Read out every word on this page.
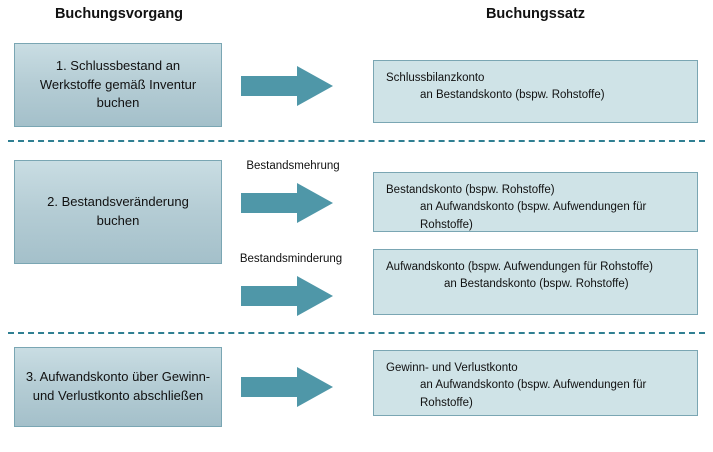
Buchungsvorgang	Buchungssatz
1. Schlussbestand an Werkstoffe gemäß Inventur buchen
Schlussbilanzkonto
an Bestandskonto (bspw. Rohstoffe)
2. Bestandsveränderung buchen
Bestandsmehrung
Bestandskonto (bspw. Rohstoffe)
an Aufwandskonto (bspw. Aufwendungen für Rohstoffe)
Bestandsminderung
Aufwandskonto (bspw. Aufwendungen für Rohstoffe)
an Bestandskonto (bspw. Rohstoffe)
3. Aufwandskonto über Gewinn- und Verlustkonto abschließen
Gewinn- und Verlustkonto
an Aufwandskonto (bspw. Aufwendungen für Rohstoffe)
